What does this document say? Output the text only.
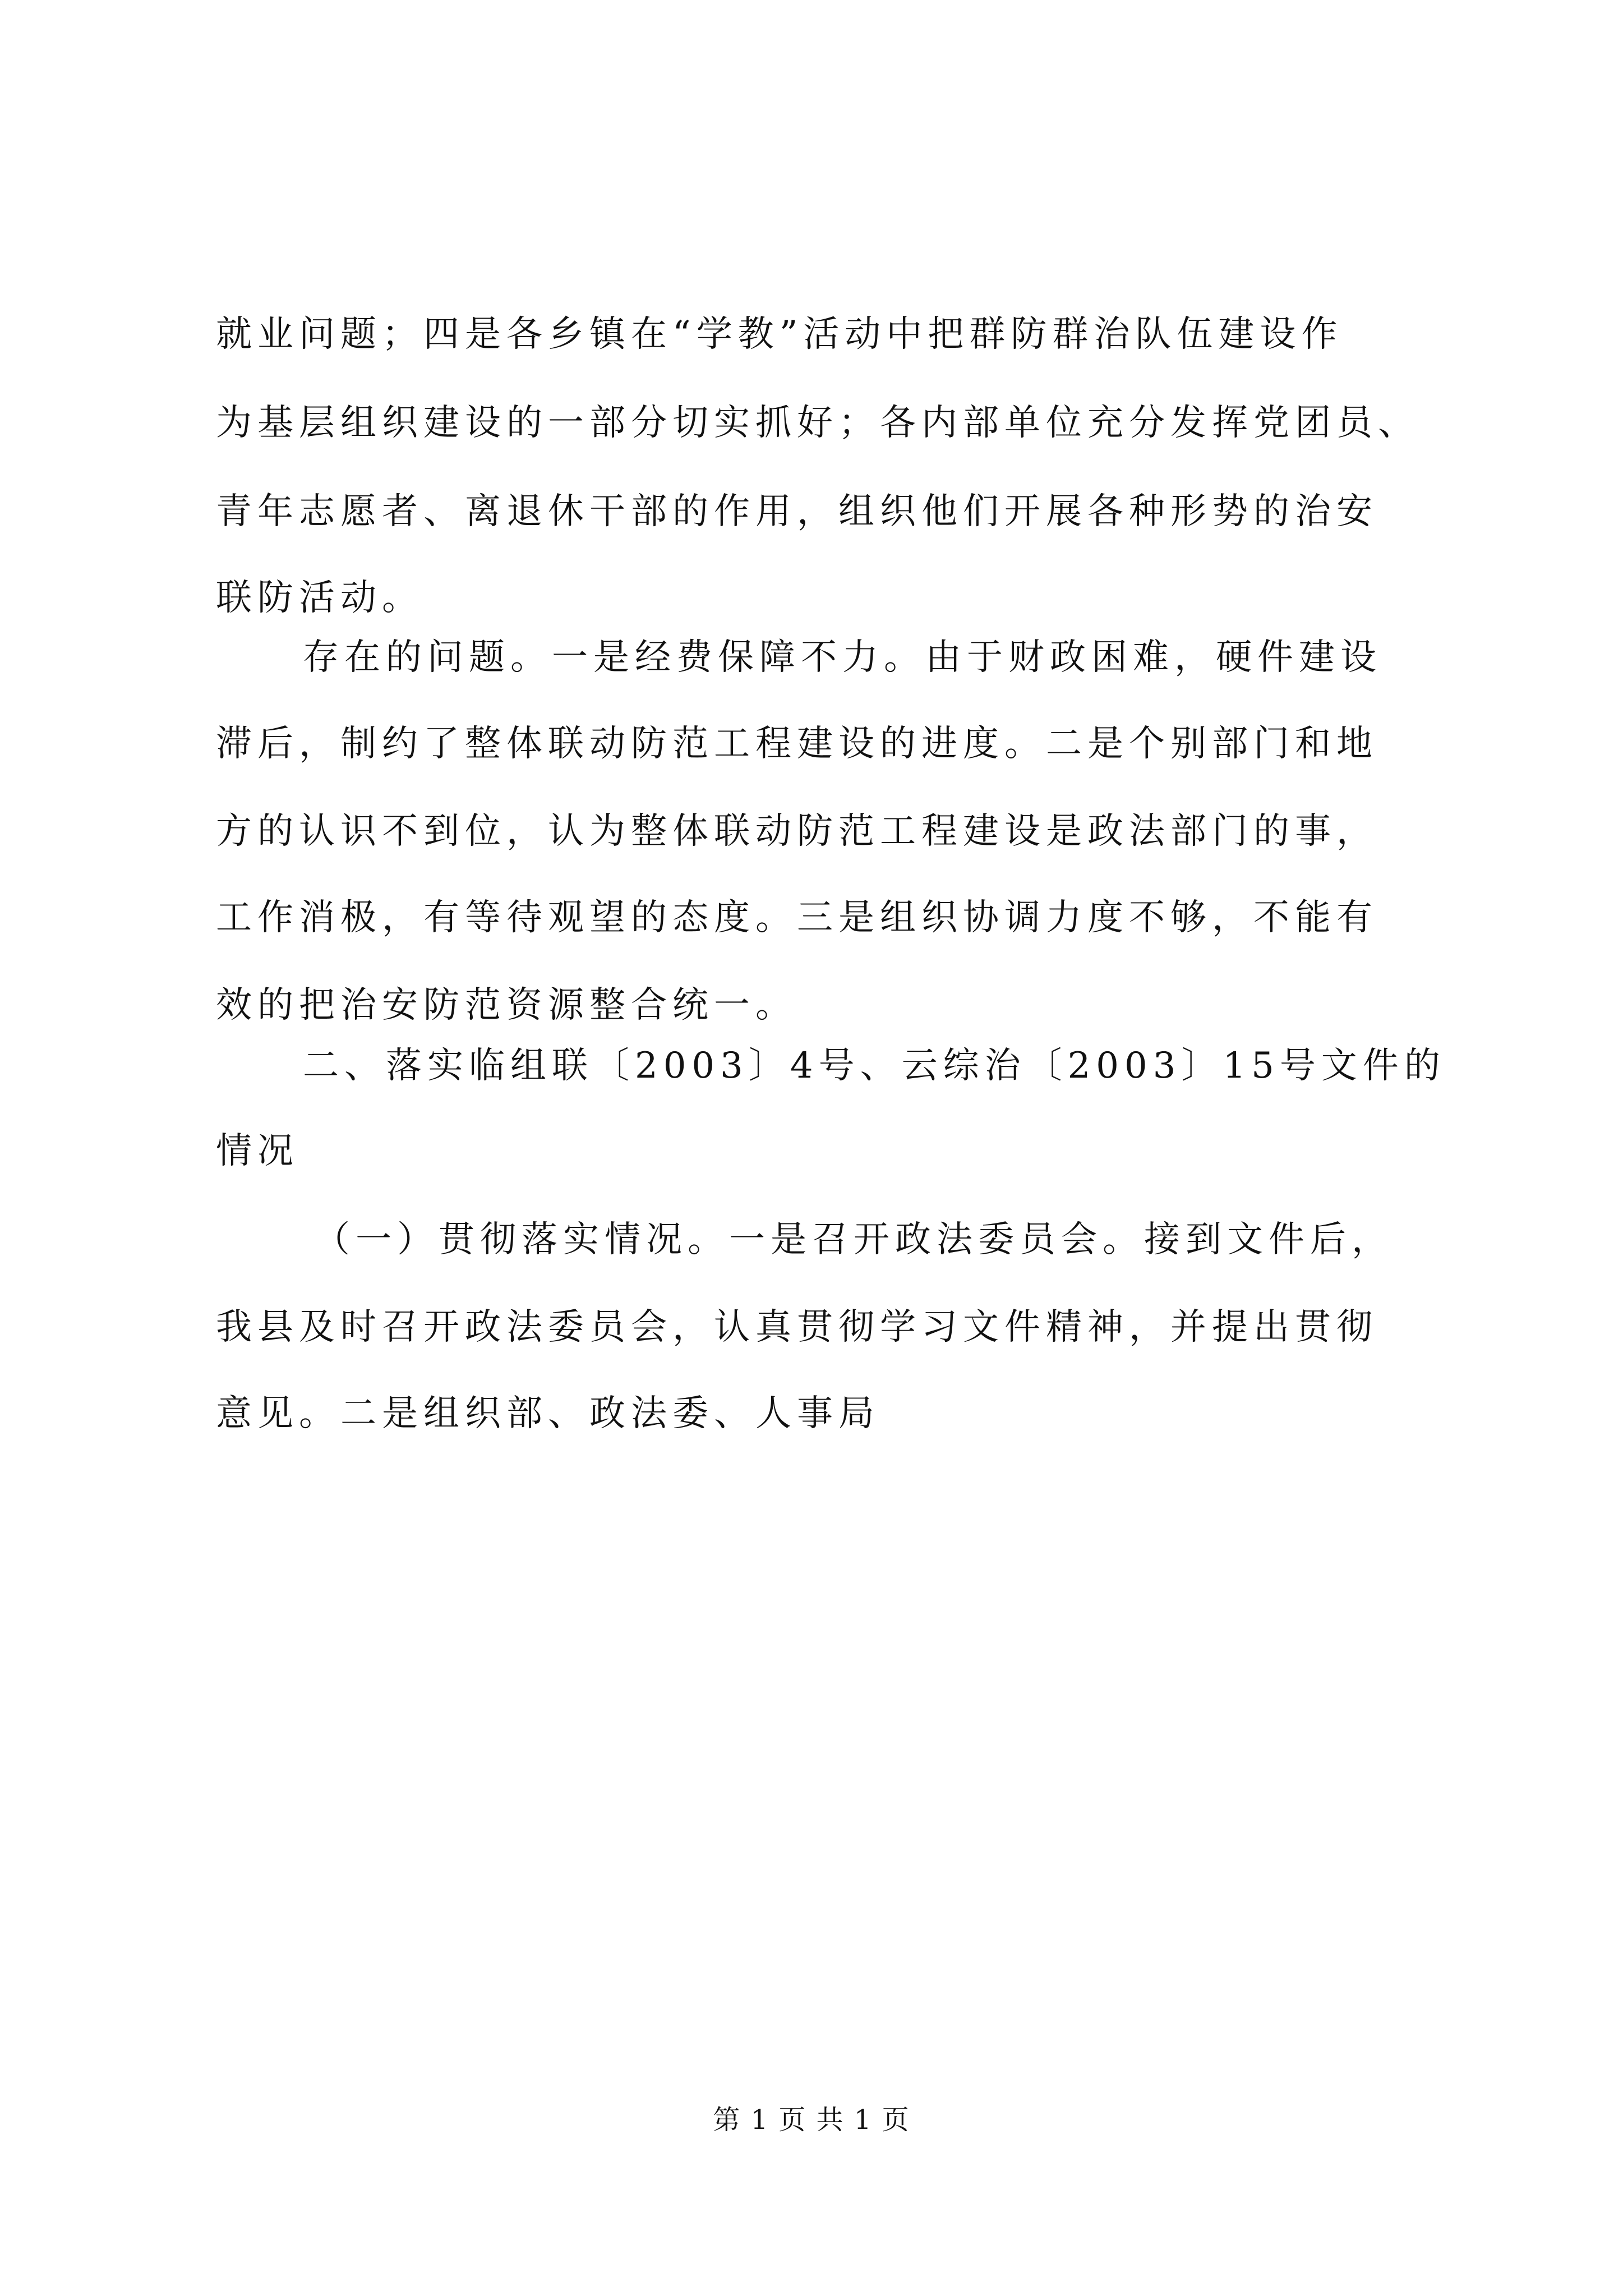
就业问题；四是各乡镇在“学教”活动中把群防群治队伍建设作
为基层组织建设的一部分切实抓好；各内部单位充分发挥党团员、
青年志愿者、离退休干部的作用，组织他们开展各种形势的治安
联防活动。
存在的问题。一是经费保障不力。由于财政困难，硬件建设
滞后，制约了整体联动防范工程建设的进度。二是个别部门和地
方的认识不到位，认为整体联动防范工程建设是政法部门的事，
工作消极，有等待观望的态度。三是组织协调力度不够，不能有
效的把治安防范资源整合统一。
二、落实临组联〔2003〕4号、云综治〔2003〕15号文件的
情况
（一）贯彻落实情况。一是召开政法委员会。接到文件后，
我县及时召开政法委员会，认真贯彻学习文件精神，并提出贯彻
意见。二是组织部、政法委、人事局
第 1 页 共 1 页
